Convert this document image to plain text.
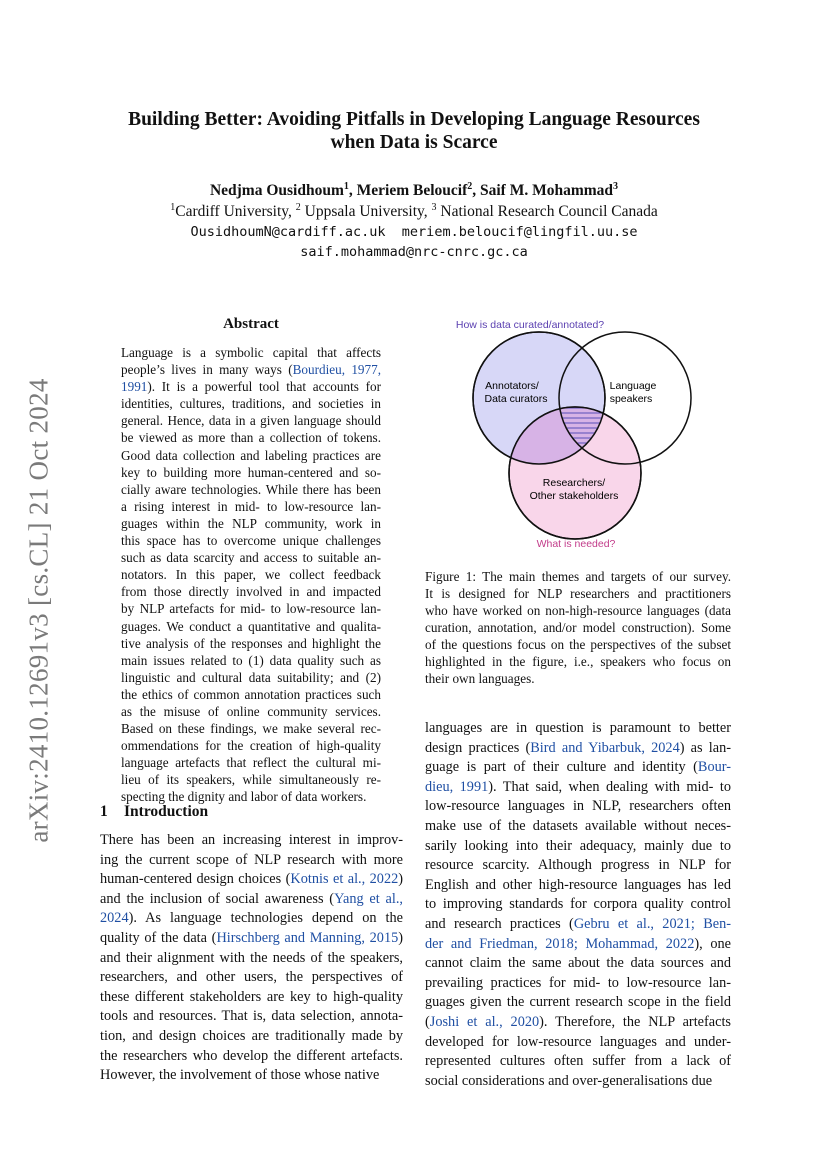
arXiv:2410.12691v3 [cs.CL] 21 Oct 2024
Building Better: Avoiding Pitfalls in Developing Language Resources
when Data is Scarce
Nedjma Ousidhoum$^1$, Meriem Beloucif$^2$, Saif M. Mohammad$^3$
$^1$Cardiff University, $^2$ Uppsala University, $^3$ National Research Council Canada
OusidhoumN@cardiff.ac.uk  meriem.beloucif@lingfil.uu.se
saif.mohammad@nrc-cnrc.gc.ca
Abstract
Language is a symbolic capital that affects
people’s lives in many ways (Bourdieu, 1977,
1991). It is a powerful tool that accounts for
identities, cultures, traditions, and societies in
general. Hence, data in a given language should
be viewed as more than a collection of tokens.
Good data collection and labeling practices are
key to building more human-centered and so-
cially aware technologies. While there has been
a rising interest in mid- to low-resource lan-
guages within the NLP community, work in
this space has to overcome unique challenges
such as data scarcity and access to suitable an-
notators. In this paper, we collect feedback
from those directly involved in and impacted
by NLP artefacts for mid- to low-resource lan-
guages. We conduct a quantitative and qualita-
tive analysis of the responses and highlight the
main issues related to (1) data quality such as
linguistic and cultural data suitability; and (2)
the ethics of common annotation practices such
as the misuse of online community services.
Based on these findings, we make several rec-
ommendations for the creation of high-quality
language artefacts that reflect the cultural mi-
lieu of its speakers, while simultaneously re-
specting the dignity and labor of data workers.
How is data curated/annotated?
Annotators/
Data curators
Language
speakers
Researchers/
Other stakeholders
What is needed?
Figure 1: The main themes and targets of our survey.
It is designed for NLP researchers and practitioners
who have worked on non-high-resource languages (data
curation, annotation, and/or model construction). Some
of the questions focus on the perspectives of the subset
highlighted in the figure, i.e., speakers who focus on
their own languages.
1 Introduction
There has been an increasing interest in improv-
ing the current scope of NLP research with more
human-centered design choices (Kotnis et al., 2022)
and the inclusion of social awareness (Yang et al.,
2024). As language technologies depend on the
quality of the data (Hirschberg and Manning, 2015)
and their alignment with the needs of the speakers,
researchers, and other users, the perspectives of
these different stakeholders are key to high-quality
tools and resources. That is, data selection, annota-
tion, and design choices are traditionally made by
the researchers who develop the different artefacts.
However, the involvement of those whose native
languages are in question is paramount to better
design practices (Bird and Yibarbuk, 2024) as lan-
guage is part of their culture and identity (Bour-
dieu, 1991). That said, when dealing with mid- to
low-resource languages in NLP, researchers often
make use of the datasets available without neces-
sarily looking into their adequacy, mainly due to
resource scarcity. Although progress in NLP for
English and other high-resource languages has led
to improving standards for corpora quality control
and research practices (Gebru et al., 2021; Ben-
der and Friedman, 2018; Mohammad, 2022), one
cannot claim the same about the data sources and
prevailing practices for mid- to low-resource lan-
guages given the current research scope in the field
(Joshi et al., 2020). Therefore, the NLP artefacts
developed for low-resource languages and under-
represented cultures often suffer from a lack of
social considerations and over-generalisations due
